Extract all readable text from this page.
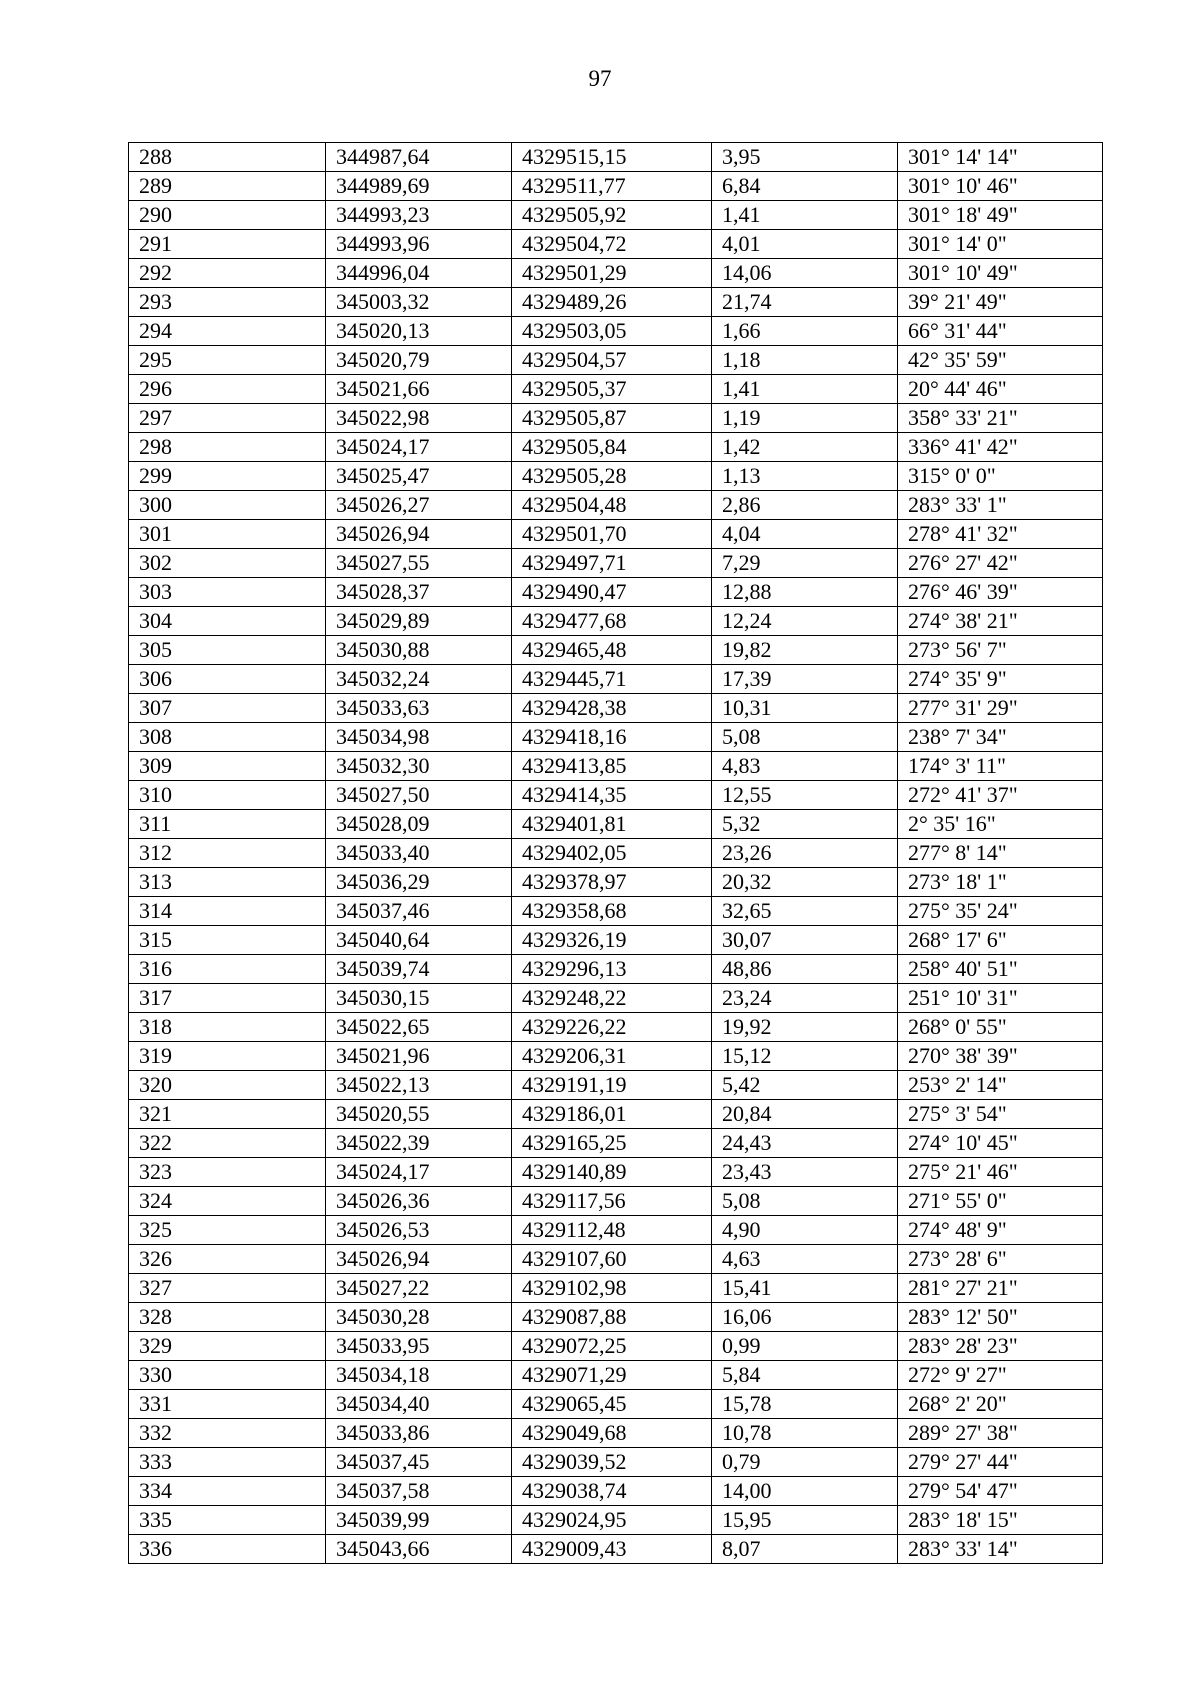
97
288	344987,64	4329515,15	3,95	301° 14' 14"
289	344989,69	4329511,77	6,84	301° 10' 46"
290	344993,23	4329505,92	1,41	301° 18' 49"
291	344993,96	4329504,72	4,01	301° 14' 0"
292	344996,04	4329501,29	14,06	301° 10' 49"
293	345003,32	4329489,26	21,74	39° 21' 49"
294	345020,13	4329503,05	1,66	66° 31' 44"
295	345020,79	4329504,57	1,18	42° 35' 59"
296	345021,66	4329505,37	1,41	20° 44' 46"
297	345022,98	4329505,87	1,19	358° 33' 21"
298	345024,17	4329505,84	1,42	336° 41' 42"
299	345025,47	4329505,28	1,13	315° 0' 0"
300	345026,27	4329504,48	2,86	283° 33' 1"
301	345026,94	4329501,70	4,04	278° 41' 32"
302	345027,55	4329497,71	7,29	276° 27' 42"
303	345028,37	4329490,47	12,88	276° 46' 39"
304	345029,89	4329477,68	12,24	274° 38' 21"
305	345030,88	4329465,48	19,82	273° 56' 7"
306	345032,24	4329445,71	17,39	274° 35' 9"
307	345033,63	4329428,38	10,31	277° 31' 29"
308	345034,98	4329418,16	5,08	238° 7' 34"
309	345032,30	4329413,85	4,83	174° 3' 11"
310	345027,50	4329414,35	12,55	272° 41' 37"
311	345028,09	4329401,81	5,32	2° 35' 16"
312	345033,40	4329402,05	23,26	277° 8' 14"
313	345036,29	4329378,97	20,32	273° 18' 1"
314	345037,46	4329358,68	32,65	275° 35' 24"
315	345040,64	4329326,19	30,07	268° 17' 6"
316	345039,74	4329296,13	48,86	258° 40' 51"
317	345030,15	4329248,22	23,24	251° 10' 31"
318	345022,65	4329226,22	19,92	268° 0' 55"
319	345021,96	4329206,31	15,12	270° 38' 39"
320	345022,13	4329191,19	5,42	253° 2' 14"
321	345020,55	4329186,01	20,84	275° 3' 54"
322	345022,39	4329165,25	24,43	274° 10' 45"
323	345024,17	4329140,89	23,43	275° 21' 46"
324	345026,36	4329117,56	5,08	271° 55' 0"
325	345026,53	4329112,48	4,90	274° 48' 9"
326	345026,94	4329107,60	4,63	273° 28' 6"
327	345027,22	4329102,98	15,41	281° 27' 21"
328	345030,28	4329087,88	16,06	283° 12' 50"
329	345033,95	4329072,25	0,99	283° 28' 23"
330	345034,18	4329071,29	5,84	272° 9' 27"
331	345034,40	4329065,45	15,78	268° 2' 20"
332	345033,86	4329049,68	10,78	289° 27' 38"
333	345037,45	4329039,52	0,79	279° 27' 44"
334	345037,58	4329038,74	14,00	279° 54' 47"
335	345039,99	4329024,95	15,95	283° 18' 15"
336	345043,66	4329009,43	8,07	283° 33' 14"
